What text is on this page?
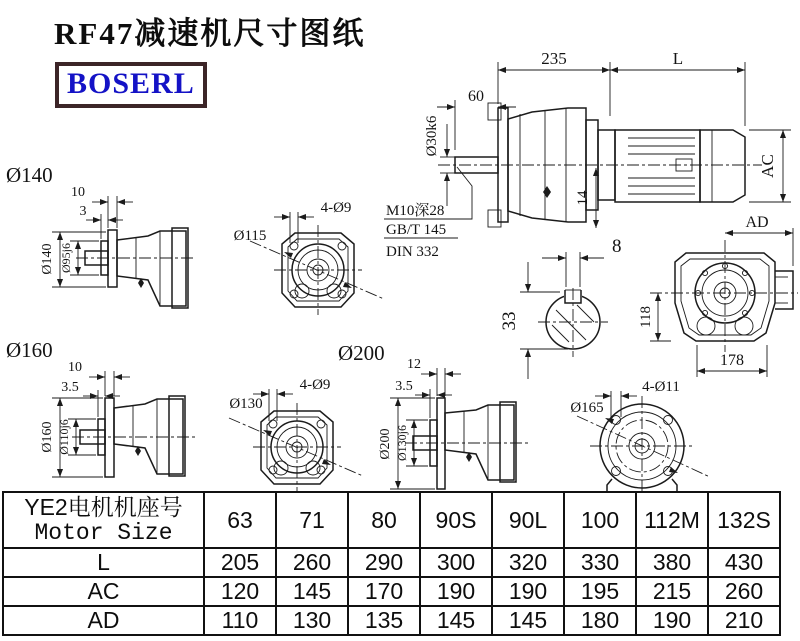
RF47减速机尺寸图纸
BOSERL
235	L
60
Ø30k6
14
AC
M10深28
GB/T 145
DIN 332	8
33
AD
118
178
Ø140
10
3
Ø140 Ø95j6
Ø115
4-Ø9
Ø160
10
3.5
Ø160 Ø110j6
Ø130
4-Ø9
Ø200 12
3.5
Ø200 Ø130j6
Ø165
4-Ø11
YE2电机机座号
Motor Size	63	71	80	90S	90L	100	112M	132S
L	205	260	290	300	320	330	380	430
AC	120	145	170	190	190	195	215	260
AD	110	130	135	145	145	180	190	210
